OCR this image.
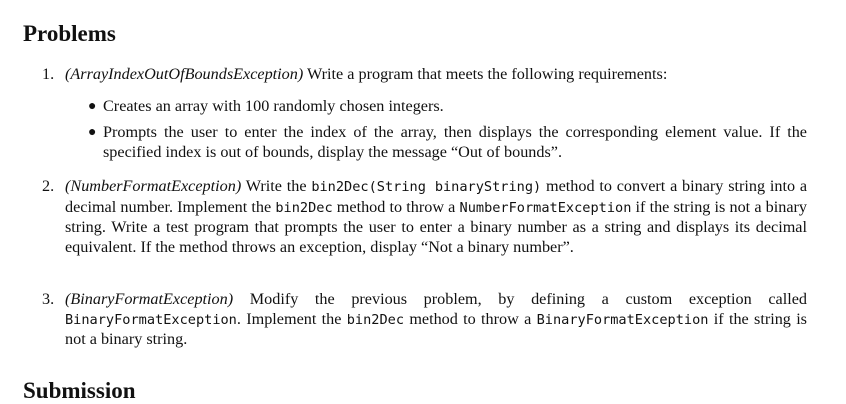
Problems
1. (ArrayIndexOutOfBoundsException) Write a program that meets the following requirements:

● Creates an array with 100 randomly chosen integers.

● Prompts the user to enter the index of the array, then displays the corresponding element value. If the specified index is out of bounds, display the message “Out of bounds”.

2. (NumberFormatException) Write the bin2Dec(String binaryString) method to convert a binary string into a decimal number. Implement the bin2Dec method to throw a NumberFormatException if the string is not a binary string. Write a test program that prompts the user to enter a binary number as a string and displays its decimal equivalent. If the method throws an exception, display “Not a binary number”.

3. (BinaryFormatException) Modify the previous problem, by defining a custom exception called BinaryFormatException. Implement the bin2Dec method to throw a BinaryFormatException if the string is not a binary string.

Submission
